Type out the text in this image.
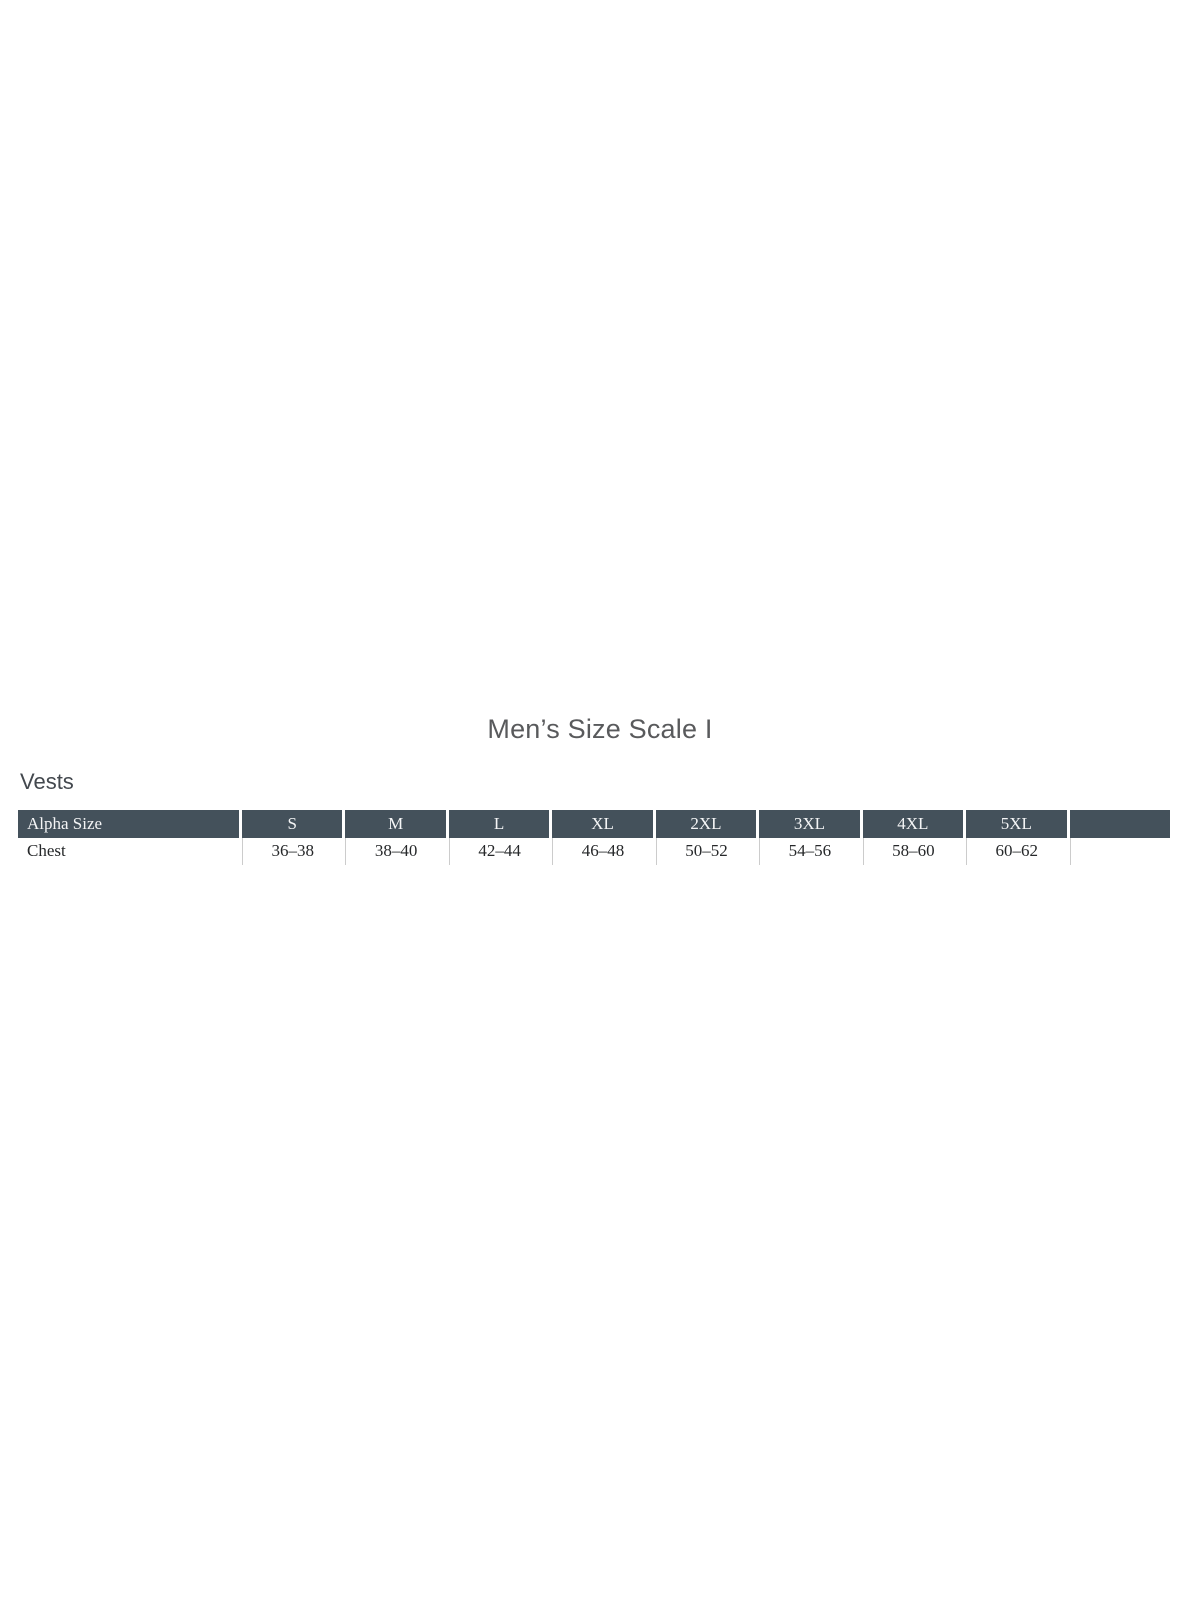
Men’s Size Scale I
Vests
Alpha Size	S	M	L	XL	2XL	3XL	4XL	5XL
Chest	36–38	38–40	42–44	46–48	50–52	54–56	58–60	60–62
